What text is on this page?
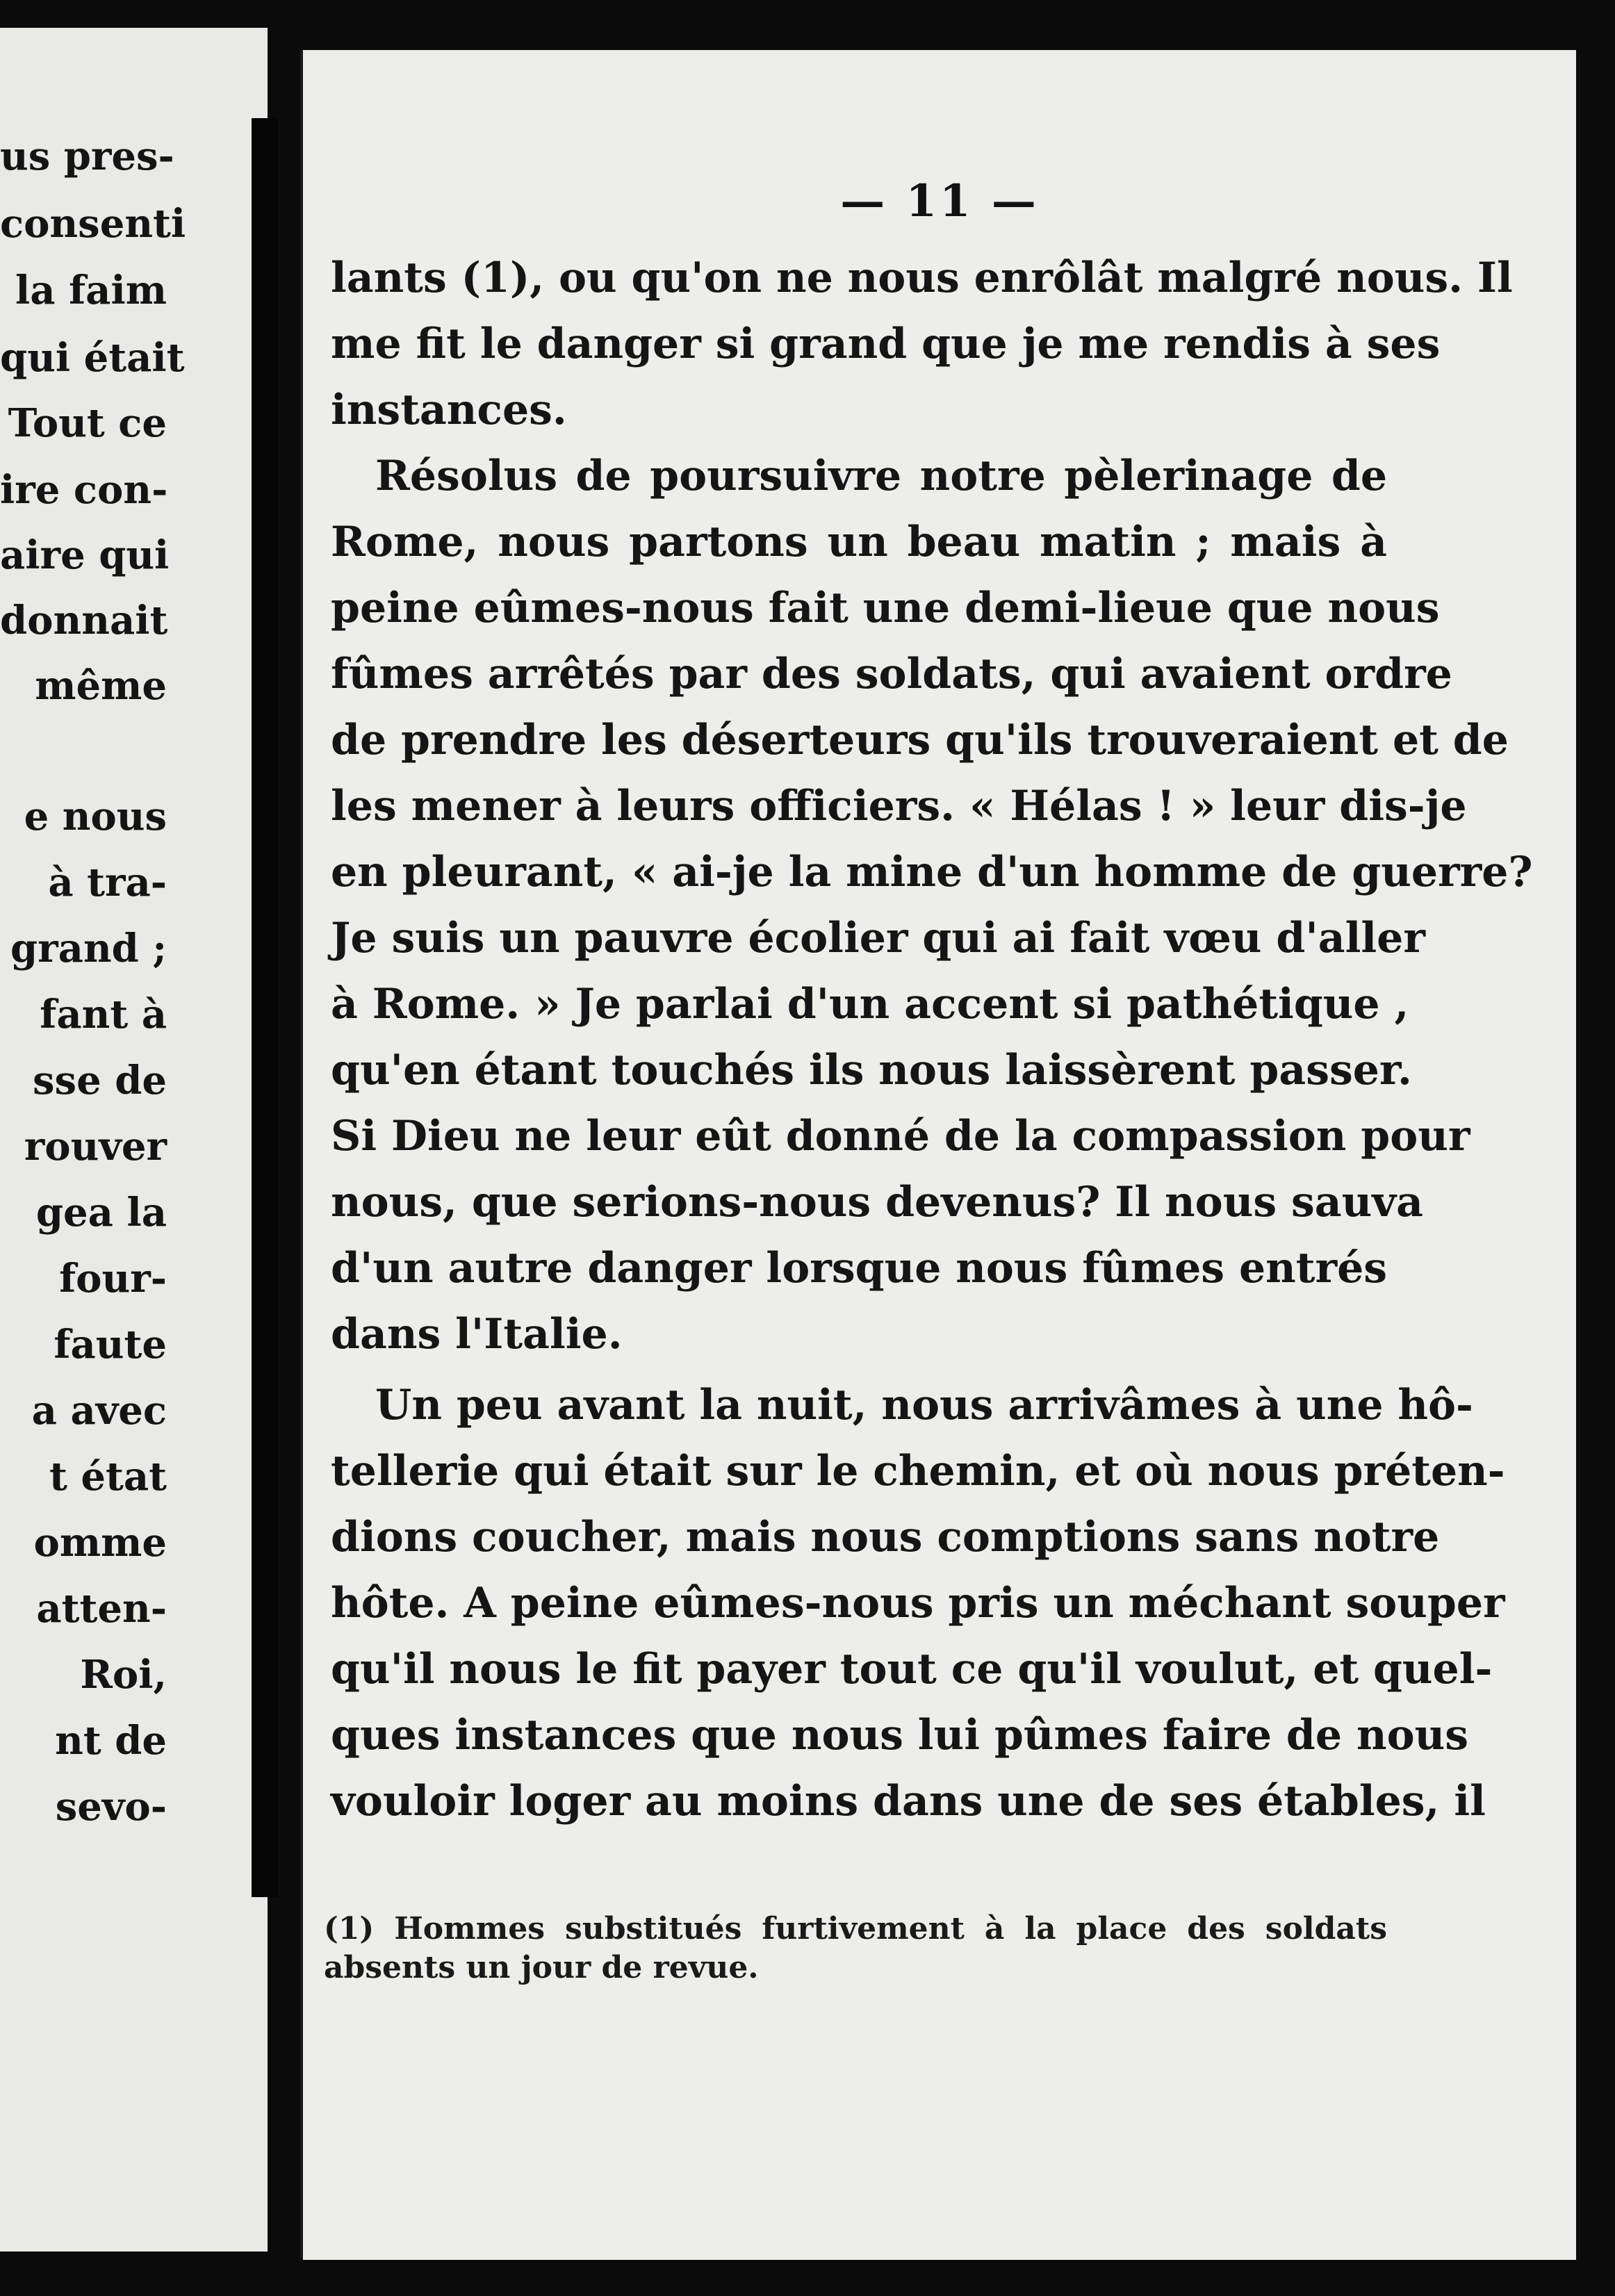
us pres-
consenti
la faim
qui était
Tout ce
ire con-
aire qui
donnait
même
e nous
à tra-
grand ;
fant à
sse de
rouver
gea la
four-
faute
a avec
t état
omme
atten-
Roi,
nt de
sevo-
— 11 —
lants (1), ou qu'on ne nous enrôlât malgré nous. Il
me fit le danger si grand que je me rendis à ses
instances.
Résolus de poursuivre notre pèlerinage de
Rome, nous partons un beau matin ; mais à
peine eûmes-nous fait une demi-lieue que nous
fûmes arrêtés par des soldats, qui avaient ordre
de prendre les déserteurs qu'ils trouveraient et de
les mener à leurs officiers. « Hélas ! » leur dis-je
en pleurant, « ai-je la mine d'un homme de guerre?
Je suis un pauvre écolier qui ai fait vœu d'aller
à Rome. » Je parlai d'un accent si pathétique ,
qu'en étant touchés ils nous laissèrent passer.
Si Dieu ne leur eût donné de la compassion pour
nous, que serions-nous devenus? Il nous sauva
d'un autre danger lorsque nous fûmes entrés
dans l'Italie.
Un peu avant la nuit, nous arrivâmes à une hô-
tellerie qui était sur le chemin, et où nous préten-
dions coucher, mais nous comptions sans notre
hôte. A peine eûmes-nous pris un méchant souper
qu'il nous le fit payer tout ce qu'il voulut, et quel-
ques instances que nous lui pûmes faire de nous
vouloir loger au moins dans une de ses étables, il
(1) Hommes substitués furtivement à la place des soldats
absents un jour de revue.
